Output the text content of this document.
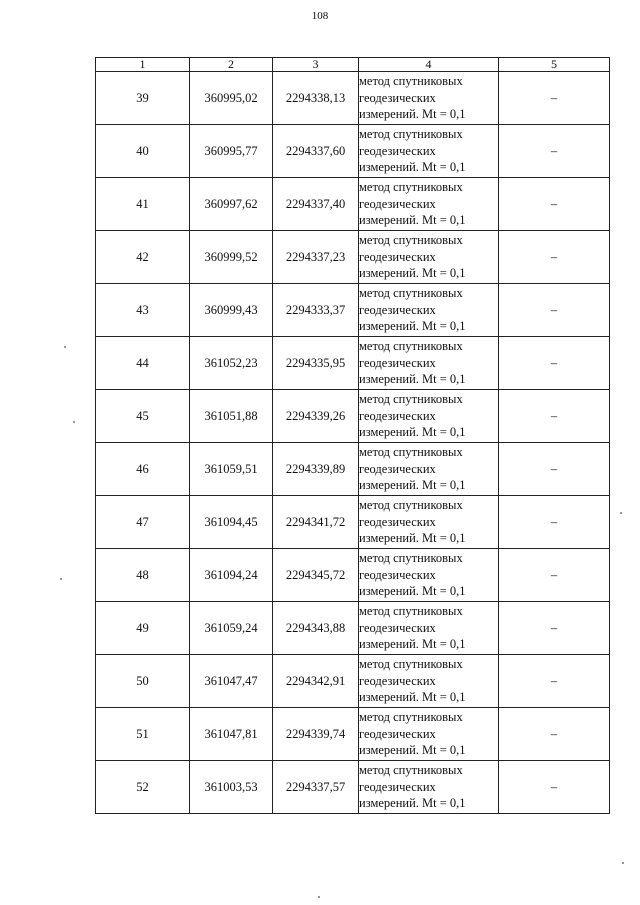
108
1	2	3	4	5
39	360995,02	2294338,13	метод спутниковых
геодезических
измерений. Mt = 0,1	–
40	360995,77	2294337,60	метод спутниковых
геодезических
измерений. Mt = 0,1	–
41	360997,62	2294337,40	метод спутниковых
геодезических
измерений. Mt = 0,1	–
42	360999,52	2294337,23	метод спутниковых
геодезических
измерений. Mt = 0,1	–
43	360999,43	2294333,37	метод спутниковых
геодезических
измерений. Mt = 0,1	–
44	361052,23	2294335,95	метод спутниковых
геодезических
измерений. Mt = 0,1	–
45	361051,88	2294339,26	метод спутниковых
геодезических
измерений. Mt = 0,1	–
46	361059,51	2294339,89	метод спутниковых
геодезических
измерений. Mt = 0,1	–
47	361094,45	2294341,72	метод спутниковых
геодезических
измерений. Mt = 0,1	–
48	361094,24	2294345,72	метод спутниковых
геодезических
измерений. Mt = 0,1	–
49	361059,24	2294343,88	метод спутниковых
геодезических
измерений. Mt = 0,1	–
50	361047,47	2294342,91	метод спутниковых
геодезических
измерений. Mt = 0,1	–
51	361047,81	2294339,74	метод спутниковых
геодезических
измерений. Mt = 0,1	–
52	361003,53	2294337,57	метод спутниковых
геодезических
измерений. Mt = 0,1	–
